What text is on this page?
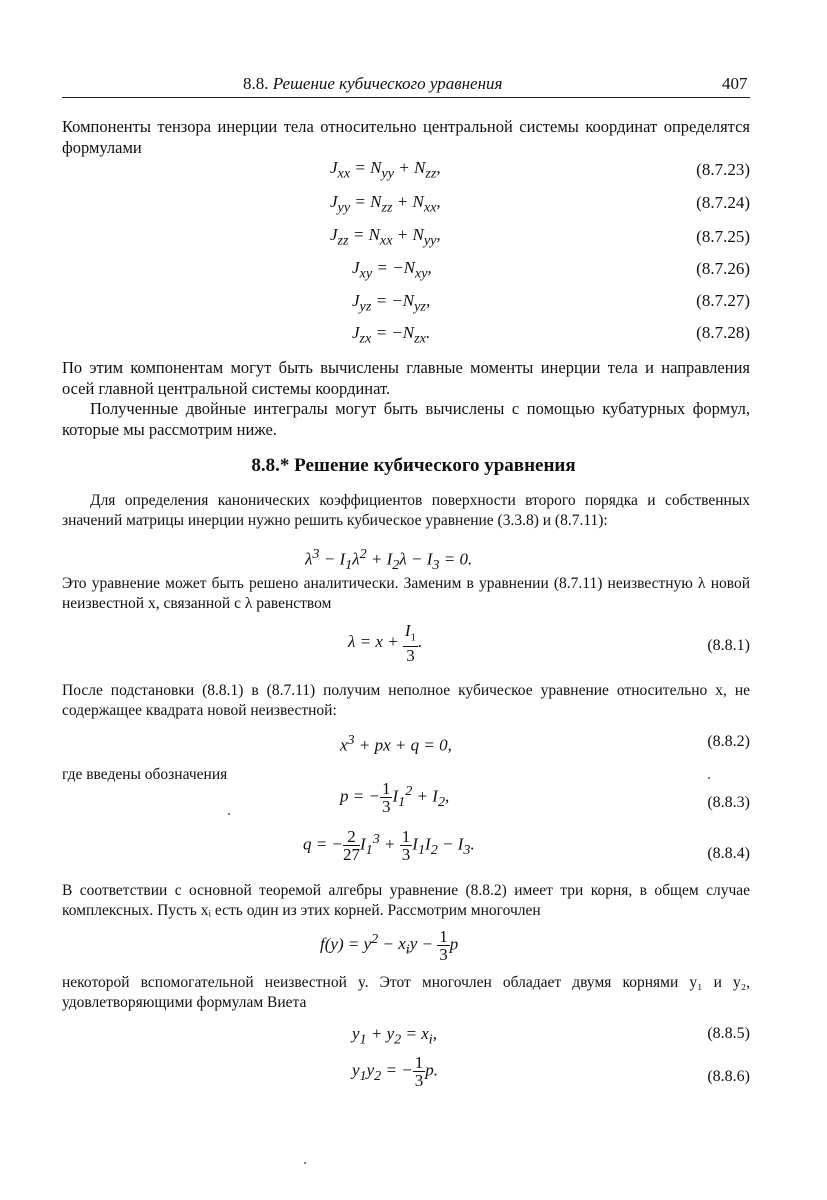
8.8. Решение кубического уравнения	407
Компоненты тензора инерции тела относительно центральной системы координат определятся формулами
$J_{xx} = N_{yy} + N_{zz}$,	(8.7.23)
$J_{yy} = N_{zz} + N_{xx}$,	(8.7.24)
$J_{zz} = N_{xx} + N_{yy}$,	(8.7.25)
$J_{xy} = -N_{xy}$,	(8.7.26)
$J_{yz} = -N_{yz}$,	(8.7.27)
$J_{zx} = -N_{zx}$.	(8.7.28)
По этим компонентам могут быть вычислены главные моменты инерции тела и направления осей главной центральной системы координат.
Полученные двойные интегралы могут быть вычислены с помощью кубатурных формул, которые мы рассмотрим ниже.
8.8.* Решение кубического уравнения
Для определения канонических коэффициентов поверхности второго порядка и собственных значений матрицы инерции нужно решить кубическое уравнение (3.3.8) и (8.7.11):
$\lambda^3 - I_1\lambda^2 + I_2\lambda - I_3 = 0$.
Это уравнение может быть решено аналитически. Заменим в уравнении (8.7.11) неизвестную λ новой неизвестной x, связанной с λ равенством
$\lambda = x + \frac{I_1}{3}$ .	(8.8.1)
После подстановки (8.8.1) в (8.7.11) получим неполное кубическое уравнение относительно x, не содержащее квадрата новой неизвестной:
$x^3$ + px + q = 0,	(8.8.2)
где введены обозначения
p = − $\frac{1}{3} I_1^2 + I_2$,	(8.8.3)
q = − $\frac{2}{27} I_1^3 + \frac{1}{3} I_1I_2 - I_3$.
(8.8.4)
В соответствии с основной теоремой алгебры уравнение (8.8.2) имеет три корня, в общем случае комплексных. Пусть xᵢ есть один из этих корней. Рассмотрим многочлен
$f(y) = y^2 - x_iy - \frac{1}{3}$ p
некоторой вспомогательной неизвестной y. Этот многочлен обладает двумя корнями y₁ и y₂, удовлетворяющими формулам Виета
$y_1 + y_2 = x_i$,	(8.8.5)
$y_1y_2$ = − $\frac{1}{3} p$.	(8.8.6)
